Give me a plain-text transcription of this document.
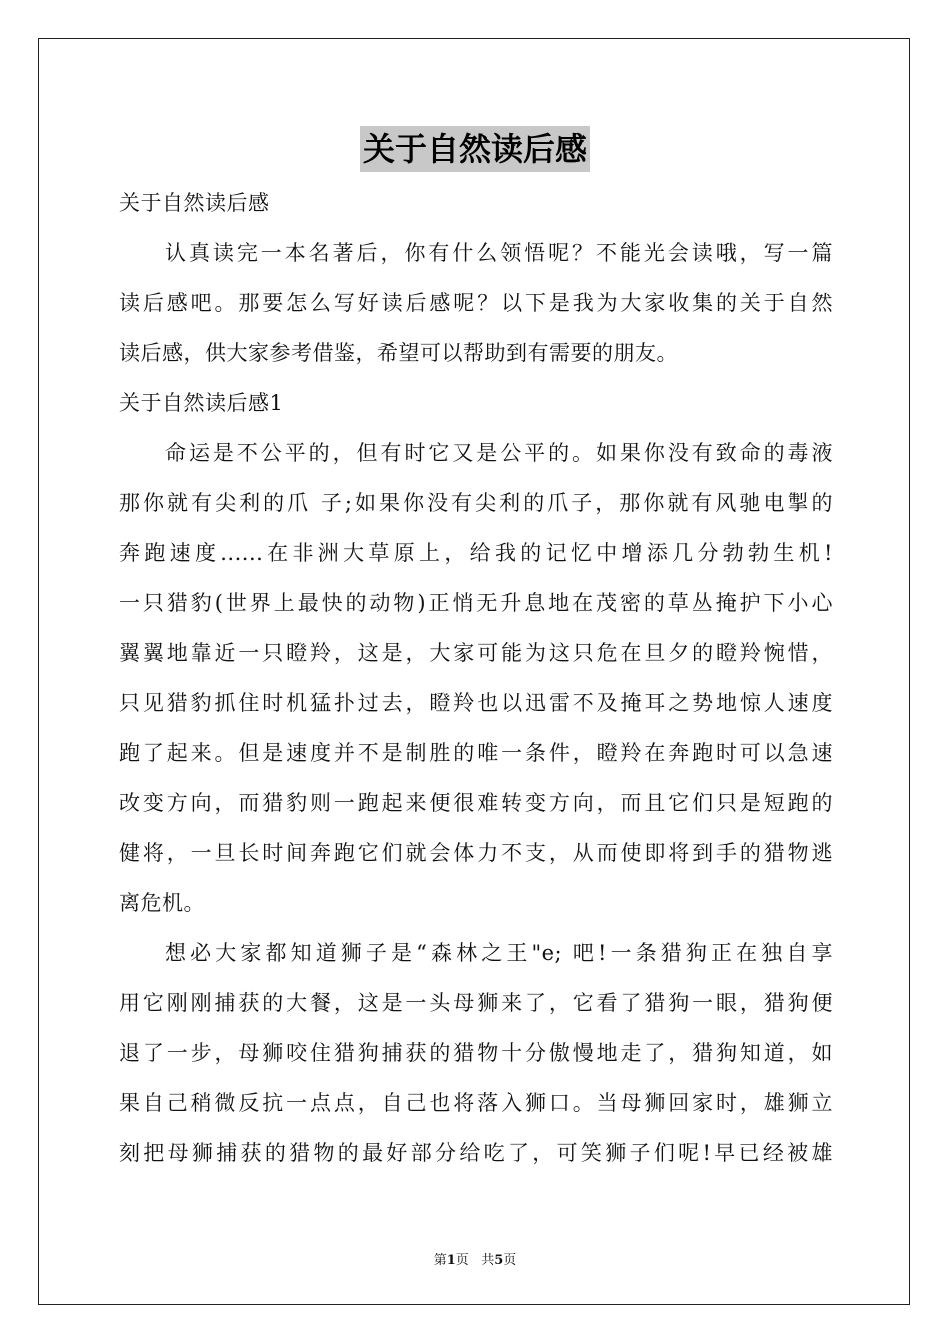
关于自然读后感
关于自然读后感
认真读完一本名著后，你有什么领悟呢？不能光会读哦，写一篇
读后感吧。那要怎么写好读后感呢？以下是我为大家收集的关于自然
读后感，供大家参考借鉴，希望可以帮助到有需要的朋友。
关于自然读后感1
命运是不公平的，但有时它又是公平的。如果你没有致命的毒液
那你就有尖利的爪 子;如果你没有尖利的爪子，那你就有风驰电掣的
奔跑速度......在非洲大草原上，给我的记忆中增添几分勃勃生机!
一只猎豹(世界上最快的动物)正悄无升息地在茂密的草丛掩护下小心
翼翼地靠近一只瞪羚，这是，大家可能为这只危在旦夕的瞪羚惋惜，
只见猎豹抓住时机猛扑过去，瞪羚也以迅雷不及掩耳之势地惊人速度
跑了起来。但是速度并不是制胜的唯一条件，瞪羚在奔跑时可以急速
改变方向，而猎豹则一跑起来便很难转变方向，而且它们只是短跑的
健将，一旦长时间奔跑它们就会体力不支，从而使即将到手的猎物逃
离危机。
想必大家都知道狮子是“森林之王"e; 吧!一条猎狗正在独自享
用它刚刚捕获的大餐，这是一头母狮来了，它看了猎狗一眼，猎狗便
退了一步，母狮咬住猎狗捕获的猎物十分傲慢地走了，猎狗知道，如
果自己稍微反抗一点点，自己也将落入狮口。当母狮回家时，雄狮立
刻把母狮捕获的猎物的最好部分给吃了，可笑狮子们呢!早已经被雄
第1页 共5页
